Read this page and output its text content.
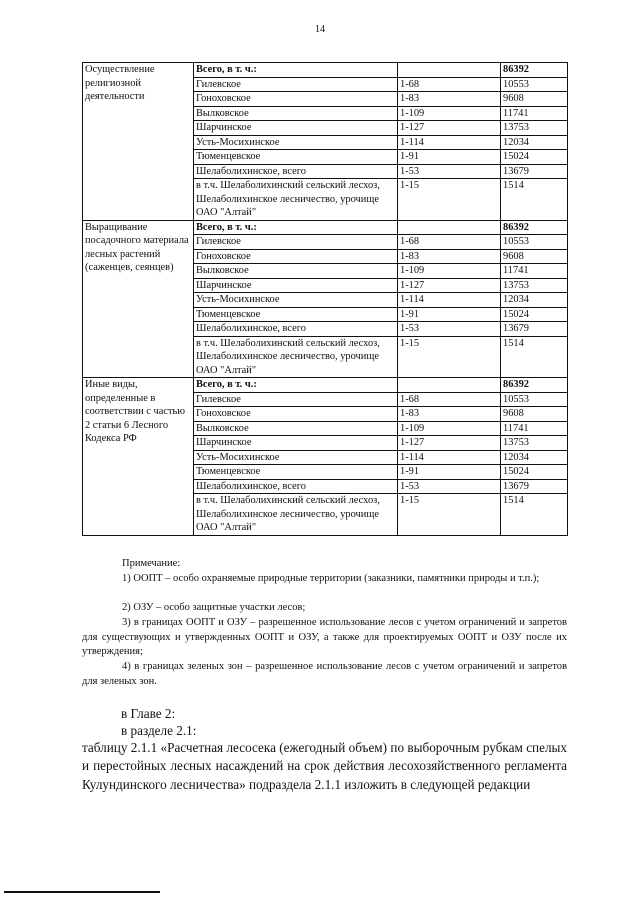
14
Осуществление религиозной деятельности	Всего, в т. ч.:		86392
	Гилевское	1-68	10553
	Гоноховское	1-83	9608
	Вылковское	1-109	11741
	Шарчинское	1-127	13753
	Усть-Мосихинское	1-114	12034
	Тюменцевское	1-91	15024
	Шелаболихинское, всего	1-53	13679
	в т.ч. Шелаболихинский сельский лесхоз, Шелаболихинское лесничество, урочище ОАО "Алтай"	1-15	1514
Выращивание посадочного материала лесных растений (саженцев, сеянцев)	Всего, в т. ч.:		86392
	Гилевское	1-68	10553
	Гоноховское	1-83	9608
	Вылковское	1-109	11741
	Шарчинское	1-127	13753
	Усть-Мосихинское	1-114	12034
	Тюменцевское	1-91	15024
	Шелаболихинское, всего	1-53	13679
	в т.ч. Шелаболихинский сельский лесхоз, Шелаболихинское лесничество, урочище ОАО "Алтай"	1-15	1514
Иные виды, определенные в соответствии с частью 2 статьи 6 Лесного Кодекса РФ	Всего, в т. ч.:		86392
	Гилевское	1-68	10553
	Гоноховское	1-83	9608
	Вылковское	1-109	11741
	Шарчинское	1-127	13753
	Усть-Мосихинское	1-114	12034
	Тюменцевское	1-91	15024
	Шелаболихинское, всего	1-53	13679
	в т.ч. Шелаболихинский сельский лесхоз, Шелаболихинское лесничество, урочище ОАО "Алтай"	1-15	1514
Примечание:

1) ООПТ – особо охраняемые природные территории (заказники, памятники природы и т.п.);

2) ОЗУ – особо защитные участки лесов;

3) в границах ООПТ и ОЗУ – разрешенное использование лесов с учетом ограничений и запретов для существующих и утвержденных ООПТ и ОЗУ, а также для проектируемых ООПТ и ОЗУ после их утверждения;

4) в границах зеленых зон – разрешенное использование лесов с учетом ограничений и запретов для зеленых зон.

в Главе 2:
в разделе 2.1:

таблицу 2.1.1 «Расчетная лесосека (ежегодный объем) по выборочным рубкам спелых и перестойных лесных насаждений на срок действия лесохозяйственного регламента Кулундинского лесничества» подраздела 2.1.1 изложить в следующей редакции
